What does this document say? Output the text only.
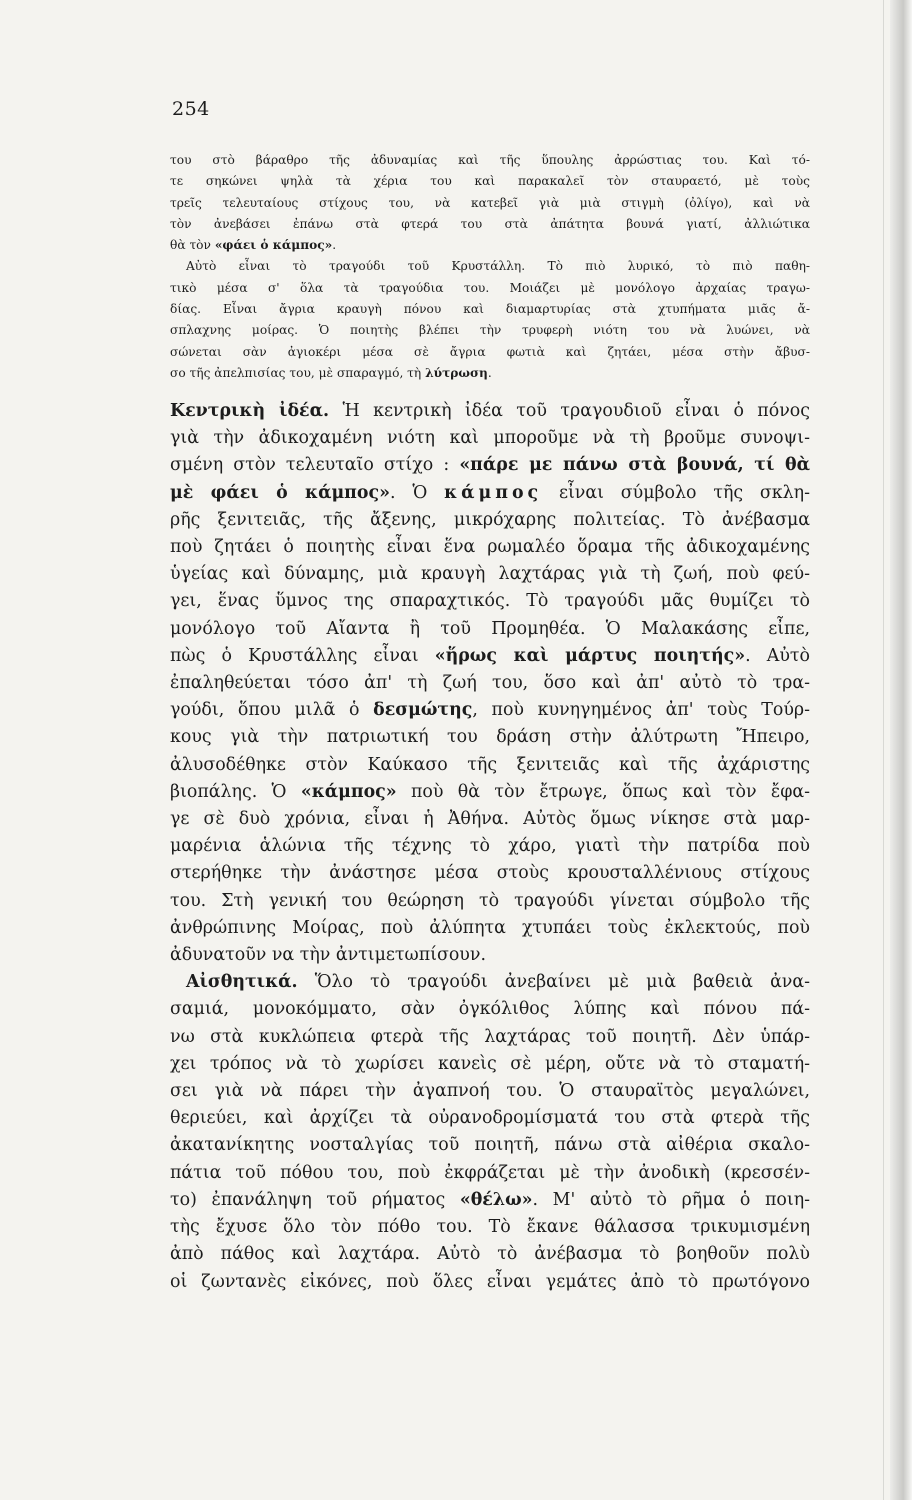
254
του στὸ βάραθρο τῆς ἀδυναμίας καὶ τῆς ὕπουλης ἀρρώστιας του. Καὶ τό-
τε σηκώνει ψηλὰ τὰ χέρια του καὶ παρακαλεῖ τὸν σταυραετό, μὲ τοὺς
τρεῖς τελευταίους στίχους του, νὰ κατεβεῖ γιὰ μιὰ στιγμὴ (ὀλίγο), καὶ νὰ
τὸν ἀνεβάσει ἐπάνω στὰ φτερά του στὰ ἀπάτητα βουνά γιατί, ἀλλιώτικα
θὰ τὸν «φάει ὁ κάμπος».
Αὐτὸ εἶναι τὸ τραγούδι τοῦ Κρυστάλλη. Τὸ πιὸ λυρικό, τὸ πιὸ παθη-
τικὸ μέσα σ' ὅλα τὰ τραγούδια του. Μοιάζει μὲ μονόλογο ἀρχαίας τραγω-
δίας. Εἶναι ἄγρια κραυγὴ πόνου καὶ διαμαρτυρίας στὰ χτυπήματα μιᾶς ἄ-
σπλαχνης μοίρας. Ὁ ποιητὴς βλέπει τὴν τρυφερὴ νιότη του νὰ λυώνει, νὰ
σώνεται σὰν ἀγιοκέρι μέσα σὲ ἄγρια φωτιὰ καὶ ζητάει, μέσα στὴν ἄβυσ-
σο τῆς ἀπελπισίας του, μὲ σπαραγμό, τὴ λύτρωση.
Κεντρικὴ ἰδέα. Ἡ κεντρικὴ ἰδέα τοῦ τραγουδιοῦ εἶναι ὁ πόνος
γιὰ τὴν ἀδικοχαμένη νιότη καὶ μποροῦμε νὰ τὴ βροῦμε συνοψι-
σμένη στὸν τελευταῖο στίχο : «πάρε με πάνω στὰ βουνά, τί θὰ
μὲ φάει ὁ κάμπος». Ὁ κάμπος εἶναι σύμβολο τῆς σκλη-
ρῆς ξενιτειᾶς, τῆς ἄξενης, μικρόχαρης πολιτείας. Τὸ ἀνέβασμα
ποὺ ζητάει ὁ ποιητὴς εἶναι ἕνα ρωμαλέο ὅραμα τῆς ἀδικοχαμένης
ὑγείας καὶ δύναμης, μιὰ κραυγὴ λαχτάρας γιὰ τὴ ζωή, ποὺ φεύ-
γει, ἕνας ὕμνος της σπαραχτικός. Τὸ τραγούδι μᾶς θυμίζει τὸ
μονόλογο τοῦ Αἴαντα ἢ τοῦ Προμηθέα. Ὁ Μαλακάσης εἶπε,
πὼς ὁ Κρυστάλλης εἶναι «ἥρως καὶ μάρτυς ποιητής». Αὐτὸ
ἐπαληθεύεται τόσο ἀπ' τὴ ζωή του, ὅσο καὶ ἀπ' αὐτὸ τὸ τρα-
γούδι, ὅπου μιλᾶ ὁ δεσμώτης, ποὺ κυνηγημένος ἀπ' τοὺς Τούρ-
κους γιὰ τὴν πατριωτική του δράση στὴν ἀλύτρωτη Ἤπειρο,
ἀλυσοδέθηκε στὸν Καύκασο τῆς ξενιτειᾶς καὶ τῆς ἀχάριστης
βιοπάλης. Ὁ «κάμπος» ποὺ θὰ τὸν ἔτρωγε, ὅπως καὶ τὸν ἔφα-
γε σὲ δυὸ χρόνια, εἶναι ἡ Ἀθήνα. Αὐτὸς ὅμως νίκησε στὰ μαρ-
μαρένια ἁλώνια τῆς τέχνης τὸ χάρο, γιατὶ τὴν πατρίδα ποὺ
στερήθηκε τὴν ἀνάστησε μέσα στοὺς κρουσταλλένιους στίχους
του. Στὴ γενική του θεώρηση τὸ τραγούδι γίνεται σύμβολο τῆς
ἀνθρώπινης Μοίρας, ποὺ ἀλύπητα χτυπάει τοὺς ἐκλεκτούς, ποὺ
ἀδυνατοῦν να τὴν ἀντιμετωπίσουν.
Αἰσθητικά. Ὅλο τὸ τραγούδι ἀνεβαίνει μὲ μιὰ βαθειὰ ἀνα-
σαμιά, μονοκόμματο, σὰν ὀγκόλιθος λύπης καὶ πόνου πά-
νω στὰ κυκλώπεια φτερὰ τῆς λαχτάρας τοῦ ποιητῆ. Δὲν ὑπάρ-
χει τρόπος νὰ τὸ χωρίσει κανεὶς σὲ μέρη, οὔτε νὰ τὸ σταματή-
σει γιὰ νὰ πάρει τὴν ἀγαπνοή του. Ὁ σταυραϊτὸς μεγαλώνει,
θεριεύει, καὶ ἀρχίζει τὰ οὐρανοδρομίσματά του στὰ φτερὰ τῆς
ἀκατανίκητης νοσταλγίας τοῦ ποιητῆ, πάνω στὰ αἰθέρια σκαλο-
πάτια τοῦ πόθου του, ποὺ ἐκφράζεται μὲ τὴν ἀνοδικὴ (κρεσσέν-
το) ἐπανάληψη τοῦ ρήματος «θέλω». Μ' αὐτὸ τὸ ρῆμα ὁ ποιη-
τὴς ἔχυσε ὅλο τὸν πόθο του. Τὸ ἔκανε θάλασσα τρικυμισμένη
ἀπὸ πάθος καὶ λαχτάρα. Αὐτὸ τὸ ἀνέβασμα τὸ βοηθοῦν πολὺ
οἱ ζωντανὲς εἰκόνες, ποὺ ὅλες εἶναι γεμάτες ἀπὸ τὸ πρωτόγονο
